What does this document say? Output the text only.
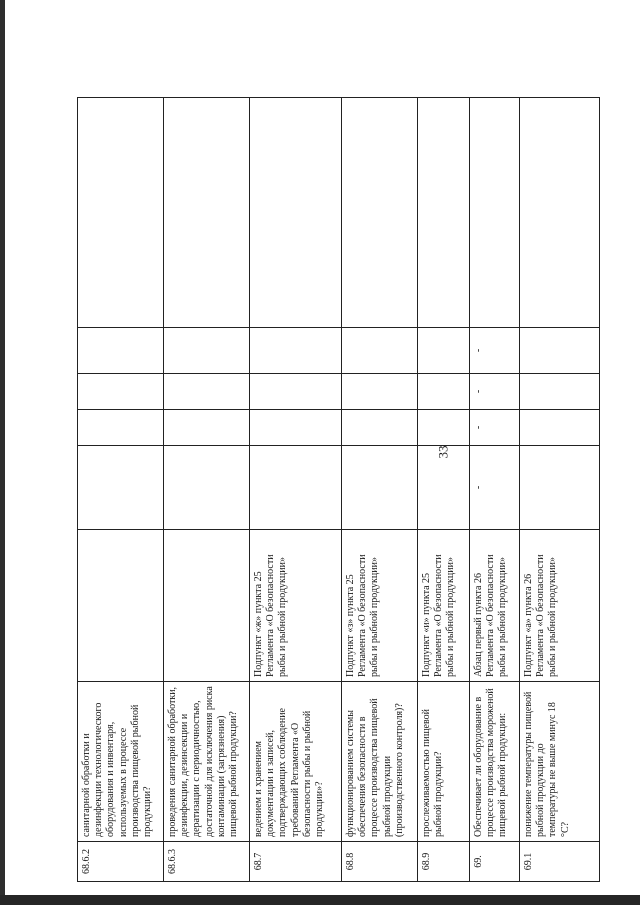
33
68.6.2	санитарной обработки и дезинфекции технологического оборудования и инвентаря, используемых в процессе производства пищевой рыбной продукции?						
68.6.3	проведения санитарной обработки, дезинфекции, дезинсекции и дератизации с периодичностью, достаточной для исключения риска контаминации (загрязнения) пищевой рыбной продукции?						
68.7	ведением и хранением документации и записей, подтверждающих соблюдение требований Регламента «О безопасности рыбы и рыбной продукции»?	Подпункт «ж» пункта 25 Регламента «О безопасности рыбы и рыбной продукции»					
68.8	функционированием системы обеспечения безопасности в процессе производства пищевой рыбной продукции (производственного контроля)?	Подпункт «з» пункта 25 Регламента «О безопасности рыбы и рыбной продукции»					
68.9	прослеживаемостью пищевой рыбной продукции?	Подпункт «и» пункта 25 Регламента «О безопасности рыбы и рыбной продукции»					
69.	Обеспечивает ли оборудование в процессе производства мороженой пищевой рыбной продукции:	Абзац первый пункта 26 Регламента «О безопасности рыбы и рыбной продукции»	-	-	-	-	
69.1	понижение температуры пищевой рыбной продукции до температуры не выше минус 18 °С?	Подпункт «а» пункта 26 Регламента «О безопасности рыбы и рыбной продукции»					
